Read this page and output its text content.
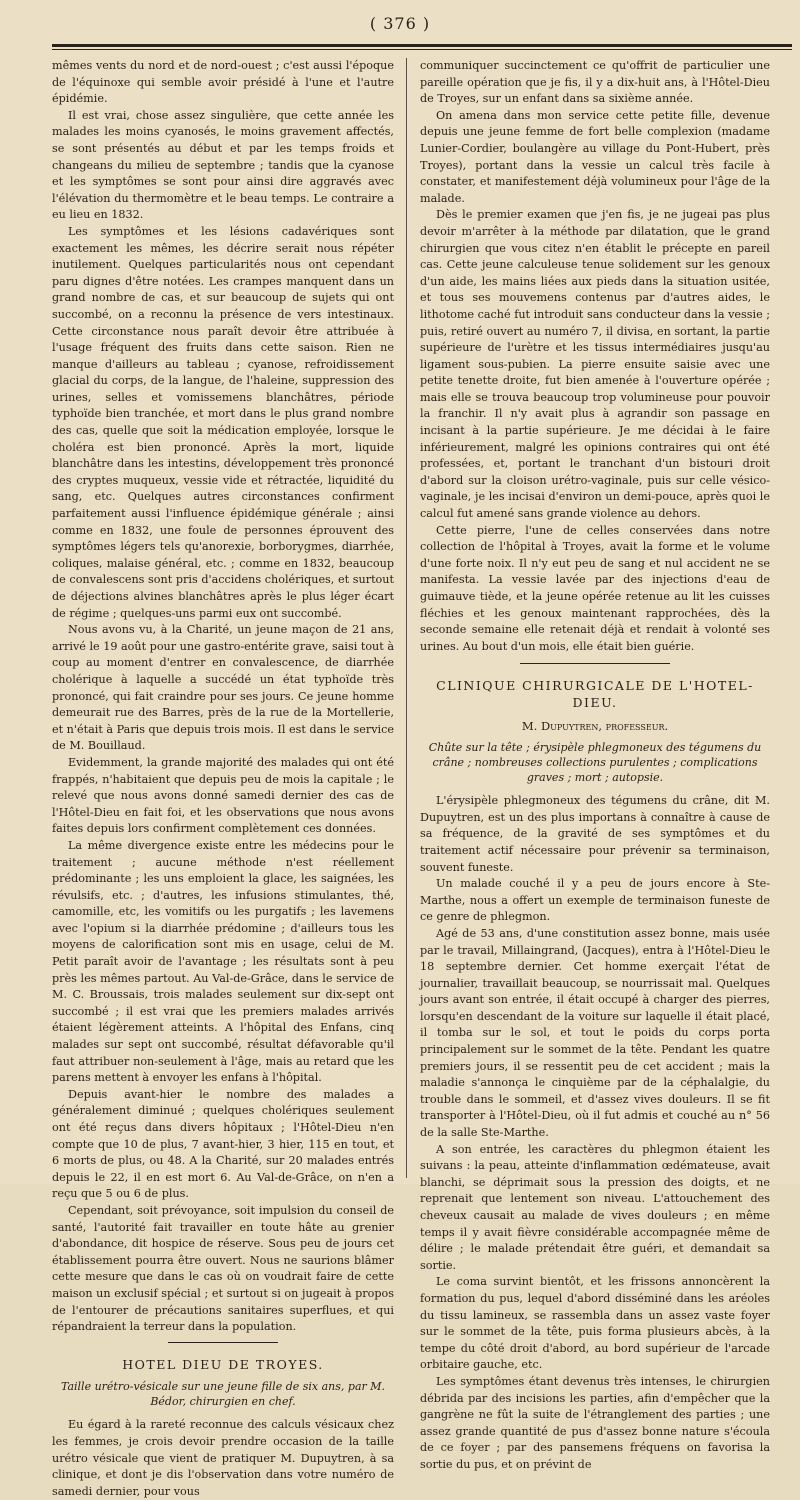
( 376 )

mêmes vents du nord et de nord-ouest ; c'est aussi l'époque de l'équinoxe qui semble avoir présidé à l'une et l'autre épidémie.

Il est vrai, chose assez singulière, que cette année les malades les moins cyanosés, le moins gravement affectés, se sont présentés au début et par les temps froids et changeans du milieu de septembre ; tandis que la cyanose et les symptômes se sont pour ainsi dire aggravés avec l'élévation du thermomètre et le beau temps. Le contraire a eu lieu en 1832.

Les symptômes et les lésions cadavériques sont exactement les mêmes, les décrire serait nous répéter inutilement. Quelques particularités nous ont cependant paru dignes d'être notées. Les crampes manquent dans un grand nombre de cas, et sur beaucoup de sujets qui ont succombé, on a reconnu la présence de vers intestinaux. Cette circonstance nous paraît devoir être attribuée à l'usage fréquent des fruits dans cette saison. Rien ne manque d'ailleurs au tableau ; cyanose, refroidissement glacial du corps, de la langue, de l'haleine, suppression des urines, selles et vomissemens blanchâtres, période typhoïde bien tranchée, et mort dans le plus grand nombre des cas, quelle que soit la médication employée, lorsque le choléra est bien prononcé. Après la mort, liquide blanchâtre dans les intestins, développement très prononcé des cryptes muqueux, vessie vide et rétractée, liquidité du sang, etc. Quelques autres circonstances confirment parfaitement aussi l'influence épidémique générale ; ainsi comme en 1832, une foule de personnes éprouvent des symptômes légers tels qu'anorexie, borborygmes, diarrhée, coliques, malaise général, etc. ; comme en 1832, beaucoup de convalescens sont pris d'accidens cholériques, et surtout de déjections alvines blanchâtres après le plus léger écart de régime ; quelques-uns parmi eux ont succombé.

Nous avons vu, à la Charité, un jeune maçon de 21 ans, arrivé le 19 août pour une gastro-entérite grave, saisi tout à coup au moment d'entrer en convalescence, de diarrhée cholérique à laquelle a succédé un état typhoïde très prononcé, qui fait craindre pour ses jours. Ce jeune homme demeurait rue des Barres, près de la rue de la Mortellerie, et n'était à Paris que depuis trois mois. Il est dans le service de M. Bouillaud.

Evidemment, la grande majorité des malades qui ont été frappés, n'habitaient que depuis peu de mois la capitale ; le relevé que nous avons donné samedi dernier des cas de l'Hôtel-Dieu en fait foi, et les observations que nous avons faites depuis lors confirment complètement ces données.

La même divergence existe entre les médecins pour le traitement ; aucune méthode n'est réellement prédominante ; les uns emploient la glace, les saignées, les révulsifs, etc. ; d'autres, les infusions stimulantes, thé, camomille, etc, les vomitifs ou les purgatifs ; les lavemens avec l'opium si la diarrhée prédomine ; d'ailleurs tous les moyens de calorification sont mis en usage, celui de M. Petit paraît avoir de l'avantage ; les résultats sont à peu près les mêmes partout. Au Val-de-Grâce, dans le service de M. C. Broussais, trois malades seulement sur dix-sept ont succombé ; il est vrai que les premiers malades arrivés étaient légèrement atteints. A l'hôpital des Enfans, cinq malades sur sept ont succombé, résultat défavorable qu'il faut attribuer non-seulement à l'âge, mais au retard que les parens mettent à envoyer les enfans à l'hôpital.

Depuis avant-hier le nombre des malades a généralement diminué ; quelques cholériques seulement ont été reçus dans divers hôpitaux ; l'Hôtel-Dieu n'en compte que 10 de plus, 7 avant-hier, 3 hier, 115 en tout, et 6 morts de plus, ou 48. A la Charité, sur 20 malades entrés depuis le 22, il en est mort 6. Au Val-de-Grâce, on n'en a reçu que 5 ou 6 de plus.

Cependant, soit prévoyance, soit impulsion du conseil de santé, l'autorité fait travailler en toute hâte au grenier d'abondance, dit hospice de réserve. Sous peu de jours cet établissement pourra être ouvert. Nous ne saurions blâmer cette mesure que dans le cas où on voudrait faire de cette maison un exclusif spécial ; et surtout si on jugeait à propos de l'entourer de précautions sanitaires superflues, et qui répandraient la terreur dans la population.

HOTEL DIEU DE TROYES.
Taille urétro-vésicale sur une jeune fille de six ans, par M. Bédor, chirurgien en chef.

Eu égard à la rareté reconnue des calculs vésicaux chez les femmes, je crois devoir prendre occasion de la taille urétro vésicale que vient de pratiquer M. Dupuytren, à sa clinique, et dont je dis l'observation dans votre numéro de samedi dernier, pour vous

communiquer succinctement ce qu'offrit de particulier une pareille opération que je fis, il y a dix-huit ans, à l'Hôtel-Dieu de Troyes, sur un enfant dans sa sixième année.

On amena dans mon service cette petite fille, devenue depuis une jeune femme de fort belle complexion (madame Lunier-Cordier, boulangère au village du Pont-Hubert, près Troyes), portant dans la vessie un calcul très facile à constater, et manifestement déjà volumineux pour l'âge de la malade.

Dès le premier examen que j'en fis, je ne jugeai pas plus devoir m'arrêter à la méthode par dilatation, que le grand chirurgien que vous citez n'en établit le précepte en pareil cas. Cette jeune calculeuse tenue solidement sur les genoux d'un aide, les mains liées aux pieds dans la situation usitée, et tous ses mouvemens contenus par d'autres aides, le lithotome caché fut introduit sans conducteur dans la vessie ; puis, retiré ouvert au numéro 7, il divisa, en sortant, la partie supérieure de l'urètre et les tissus intermédiaires jusqu'au ligament sous-pubien. La pierre ensuite saisie avec une petite tenette droite, fut bien amenée à l'ouverture opérée ; mais elle se trouva beaucoup trop volumineuse pour pouvoir la franchir. Il n'y avait plus à agrandir son passage en incisant à la partie supérieure. Je me décidai à le faire inférieurement, malgré les opinions contraires qui ont été professées, et, portant le tranchant d'un bistouri droit d'abord sur la cloison urétro-vaginale, puis sur celle vésico-vaginale, je les incisai d'environ un demi-pouce, après quoi le calcul fut amené sans grande violence au dehors.

Cette pierre, l'une de celles conservées dans notre collection de l'hôpital à Troyes, avait la forme et le volume d'une forte noix. Il n'y eut peu de sang et nul accident ne se manifesta. La vessie lavée par des injections d'eau de guimauve tiède, et la jeune opérée retenue au lit les cuisses fléchies et les genoux maintenant rapprochées, dès la seconde semaine elle retenait déjà et rendait à volonté ses urines. Au bout d'un mois, elle était bien guérie.

CLINIQUE CHIRURGICALE DE L'HOTEL-DIEU.
M. Dupuytren, professeur.
Chûte sur la tête ; érysipèle phlegmoneux des tégumens du crâne ; nombreuses collections purulentes ; complications graves ; mort ; autopsie.

L'érysipèle phlegmoneux des tégumens du crâne, dit M. Dupuytren, est un des plus importans à connaître à cause de sa fréquence, de la gravité de ses symptômes et du traitement actif nécessaire pour prévenir sa terminaison, souvent funeste.

Un malade couché il y a peu de jours encore à Ste-Marthe, nous a offert un exemple de terminaison funeste de ce genre de phlegmon.

Agé de 53 ans, d'une constitution assez bonne, mais usée par le travail, Millaingrand, (Jacques), entra à l'Hôtel-Dieu le 18 septembre dernier. Cet homme exerçait l'état de journalier, travaillait beaucoup, se nourrissait mal. Quelques jours avant son entrée, il était occupé à charger des pierres, lorsqu'en descendant de la voiture sur laquelle il était placé, il tomba sur le sol, et tout le poids du corps porta principalement sur le sommet de la tête. Pendant les quatre premiers jours, il se ressentit peu de cet accident ; mais la maladie s'annonça le cinquième par de la céphalalgie, du trouble dans le sommeil, et d'assez vives douleurs. Il se fit transporter à l'Hôtel-Dieu, où il fut admis et couché au n° 56 de la salle Ste-Marthe.

A son entrée, les caractères du phlegmon étaient les suivans : la peau, atteinte d'inflammation œdémateuse, avait blanchi, se déprimait sous la pression des doigts, et ne reprenait que lentement son niveau. L'attouchement des cheveux causait au malade de vives douleurs ; en même temps il y avait fièvre considérable accompagnée même de délire ; le malade prétendait être guéri, et demandait sa sortie.

Le coma survint bientôt, et les frissons annoncèrent la formation du pus, lequel d'abord disséminé dans les aréoles du tissu lamineux, se rassembla dans un assez vaste foyer sur le sommet de la tête, puis forma plusieurs abcès, à la tempe du côté droit d'abord, au bord supérieur de l'arcade orbitaire gauche, etc.

Les symptômes étant devenus très intenses, le chirurgien débrida par des incisions les parties, afin d'empêcher que la gangrène ne fût la suite de l'étranglement des parties ; une assez grande quantité de pus d'assez bonne nature s'écoula de ce foyer ; par des pansemens fréquens on favorisa la sortie du pus, et on prévint de
